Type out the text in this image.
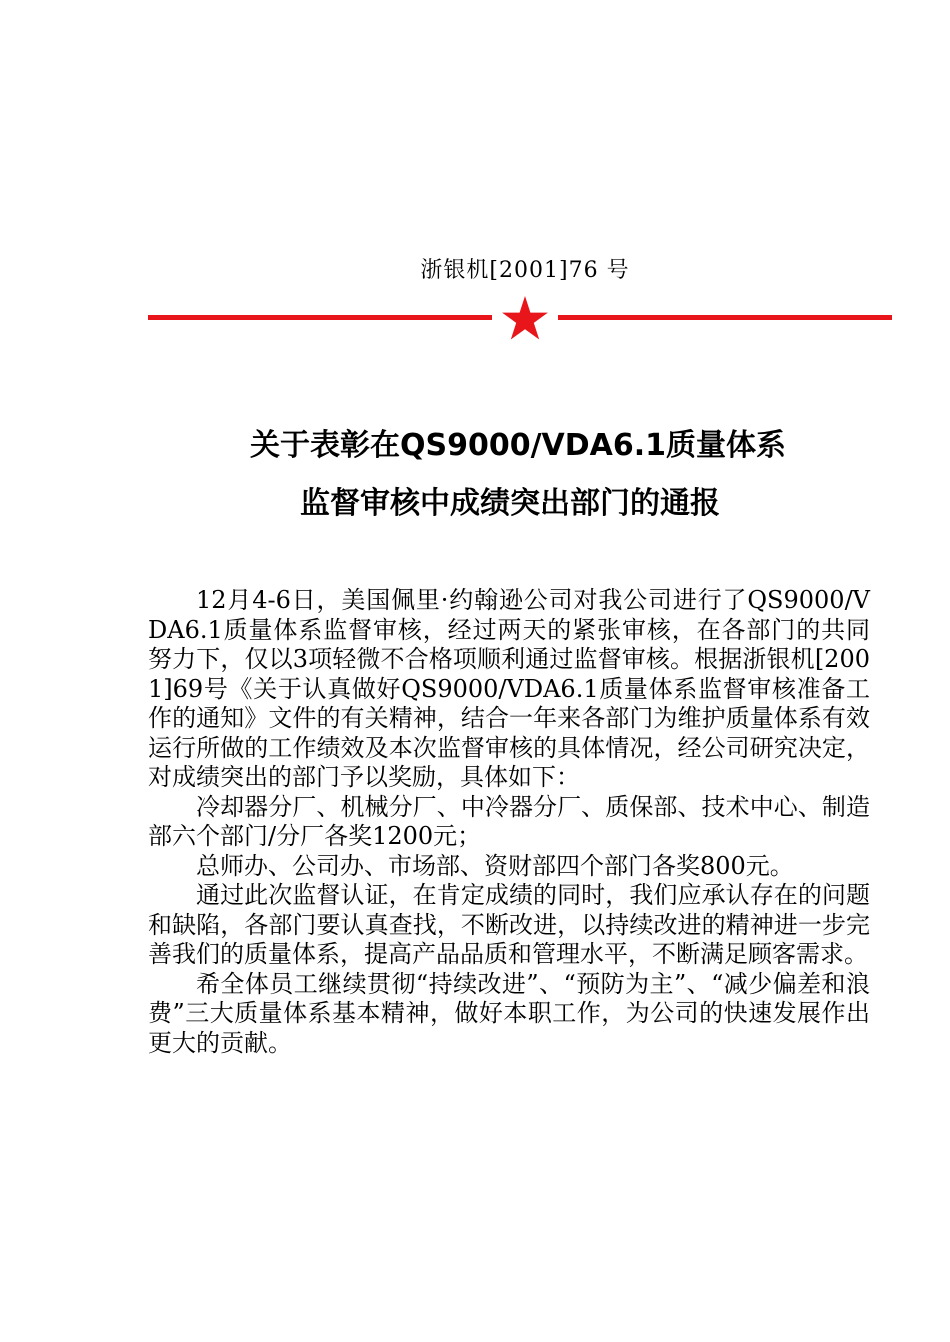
浙银机[2001]76 号
关于表彰在QS9000/VDA6.1质量体系
监督审核中成绩突出部门的通报

12月4-6日，美国佩里·约翰逊公司对我公司进行了QS9000/VDA6.1质量体系监督审核，经过两天的紧张审核，在各部门的共同努力下，仅以3项轻微不合格项顺利通过监督审核。根据浙银机[2001]69号《关于认真做好QS9000/VDA6.1质量体系监督审核准备工作的通知》文件的有关精神，结合一年来各部门为维护质量体系有效运行所做的工作绩效及本次监督审核的具体情况，经公司研究决定，对成绩突出的部门予以奖励，具体如下：

冷却器分厂、机械分厂、中冷器分厂、质保部、技术中心、制造部六个部门/分厂各奖1200元；

总师办、公司办、市场部、资财部四个部门各奖800元。

通过此次监督认证，在肯定成绩的同时，我们应承认存在的问题和缺陷，各部门要认真查找，不断改进，以持续改进的精神进一步完善我们的质量体系，提高产品品质和管理水平，不断满足顾客需求。

希全体员工继续贯彻“持续改进”、“预防为主”、“减少偏差和浪费”三大质量体系基本精神，做好本职工作，为公司的快速发展作出更大的贡献。
